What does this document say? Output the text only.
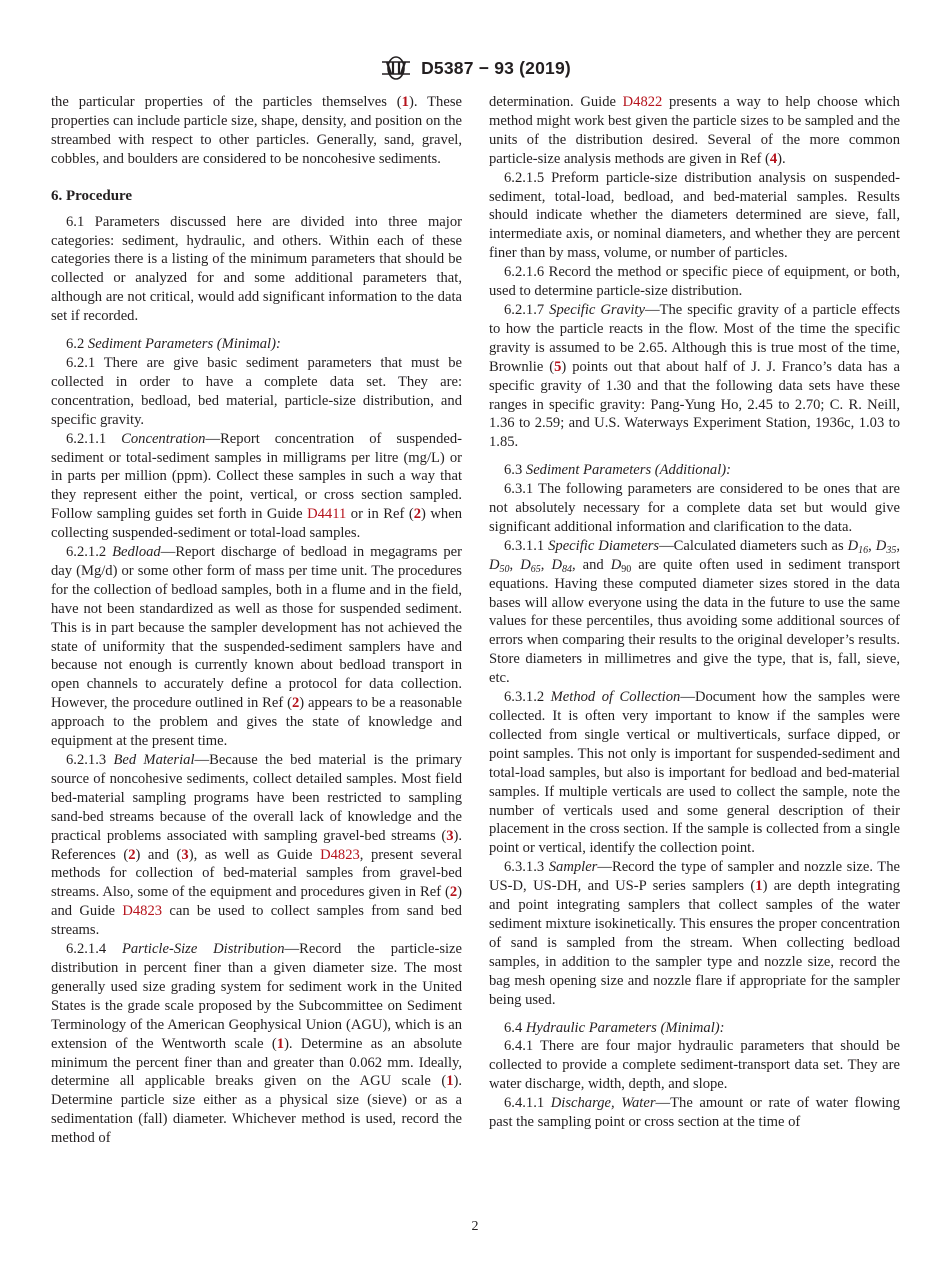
D5387 − 93 (2019)

the particular properties of the particles themselves (1). These properties can include particle size, shape, density, and position on the streambed with respect to other particles. Generally, sand, gravel, cobbles, and boulders are considered to be noncohesive sediments.

6. Procedure

6.1 Parameters discussed here are divided into three major categories: sediment, hydraulic, and others. Within each of these categories there is a listing of the minimum parameters that should be collected or analyzed for and some additional parameters that, although are not critical, would add significant information to the data set if recorded.

6.2 Sediment Parameters (Minimal):

6.2.1 There are give basic sediment parameters that must be collected in order to have a complete data set. They are: concentration, bedload, bed material, particle-size distribution, and specific gravity.

6.2.1.1 Concentration—Report concentration of suspended-sediment or total-sediment samples in milligrams per litre (mg/L) or in parts per million (ppm). Collect these samples in such a way that they represent either the point, vertical, or cross section sampled. Follow sampling guides set forth in Guide D4411 or in Ref (2) when collecting suspended-sediment or total-load samples.

6.2.1.2 Bedload—Report discharge of bedload in megagrams per day (Mg/d) or some other form of mass per time unit. The procedures for the collection of bedload samples, both in a flume and in the field, have not been standardized as well as those for suspended sediment. This is in part because the sampler development has not achieved the state of uniformity that the suspended-sediment samplers have and because not enough is currently known about bedload transport in open channels to accurately define a protocol for data collection. However, the procedure outlined in Ref (2) appears to be a reasonable approach to the problem and gives the state of knowledge and equipment at the present time.

6.2.1.3 Bed Material—Because the bed material is the primary source of noncohesive sediments, collect detailed samples. Most field bed-material sampling programs have been restricted to sampling sand-bed streams because of the overall lack of knowledge and the practical problems associated with sampling gravel-bed streams (3). References (2) and (3), as well as Guide D4823, present several methods for collection of bed-material samples from gravel-bed streams. Also, some of the equipment and procedures given in Ref (2) and Guide D4823 can be used to collect samples from sand bed streams.

6.2.1.4 Particle-Size Distribution—Record the particle-size distribution in percent finer than a given diameter size. The most generally used size grading system for sediment work in the United States is the grade scale proposed by the Subcommittee on Sediment Terminology of the American Geophysical Union (AGU), which is an extension of the Wentworth scale (1). Determine as an absolute minimum the percent finer than and greater than 0.062 mm. Ideally, determine all applicable breaks given on the AGU scale (1). Determine particle size either as a physical size (sieve) or as a sedimentation (fall) diameter. Whichever method is used, record the method of

determination. Guide D4822 presents a way to help choose which method might work best given the particle sizes to be sampled and the units of the distribution desired. Several of the more common particle-size analysis methods are given in Ref (4).

6.2.1.5 Preform particle-size distribution analysis on suspended-sediment, total-load, bedload, and bed-material samples. Results should indicate whether the diameters determined are sieve, fall, intermediate axis, or nominal diameters, and whether they are percent finer than by mass, volume, or number of particles.

6.2.1.6 Record the method or specific piece of equipment, or both, used to determine particle-size distribution.

6.2.1.7 Specific Gravity—The specific gravity of a particle effects to how the particle reacts in the flow. Most of the time the specific gravity is assumed to be 2.65. Although this is true most of the time, Brownlie (5) points out that about half of J. J. Franco’s data has a specific gravity of 1.30 and that the following data sets have these ranges in specific gravity: Pang-Yung Ho, 2.45 to 2.70; C. R. Neill, 1.36 to 2.59; and U.S. Waterways Experiment Station, 1936c, 1.03 to 1.85.

6.3 Sediment Parameters (Additional):

6.3.1 The following parameters are considered to be ones that are not absolutely necessary for a complete data set but would give significant additional information and clarification to the data.

6.3.1.1 Specific Diameters—Calculated diameters such as $D_{16}$, $D_{35}$, $D_{50}$, $D_{65}$, $D_{84}$, and $D_{90}$ are quite often used in sediment transport equations. Having these computed diameter sizes stored in the data bases will allow everyone using the data in the future to use the same values for these percentiles, thus avoiding some additional sources of errors when comparing their results to the original developer’s results. Store diameters in millimetres and give the type, that is, fall, sieve, etc.

6.3.1.2 Method of Collection—Document how the samples were collected. It is often very important to know if the samples were collected from single vertical or multiverticals, surface dipped, or point samples. This not only is important for suspended-sediment and total-load samples, but also is important for bedload and bed-material samples. If multiple verticals are used to collect the sample, note the number of verticals used and some general description of their placement in the cross section. If the sample is collected from a single point or vertical, identify the collection point.

6.3.1.3 Sampler—Record the type of sampler and nozzle size. The US-D, US-DH, and US-P series samplers (1) are depth integrating and point integrating samplers that collect samples of the water sediment mixture isokinetically. This ensures the proper concentration of sand is sampled from the stream. When collecting bedload samples, in addition to the sampler type and nozzle size, record the bag mesh opening size and nozzle flare if appropriate for the sampler being used.

6.4 Hydraulic Parameters (Minimal):

6.4.1 There are four major hydraulic parameters that should be collected to provide a complete sediment-transport data set. They are water discharge, width, depth, and slope.

6.4.1.1 Discharge, Water—The amount or rate of water flowing past the sampling point or cross section at the time of

2
